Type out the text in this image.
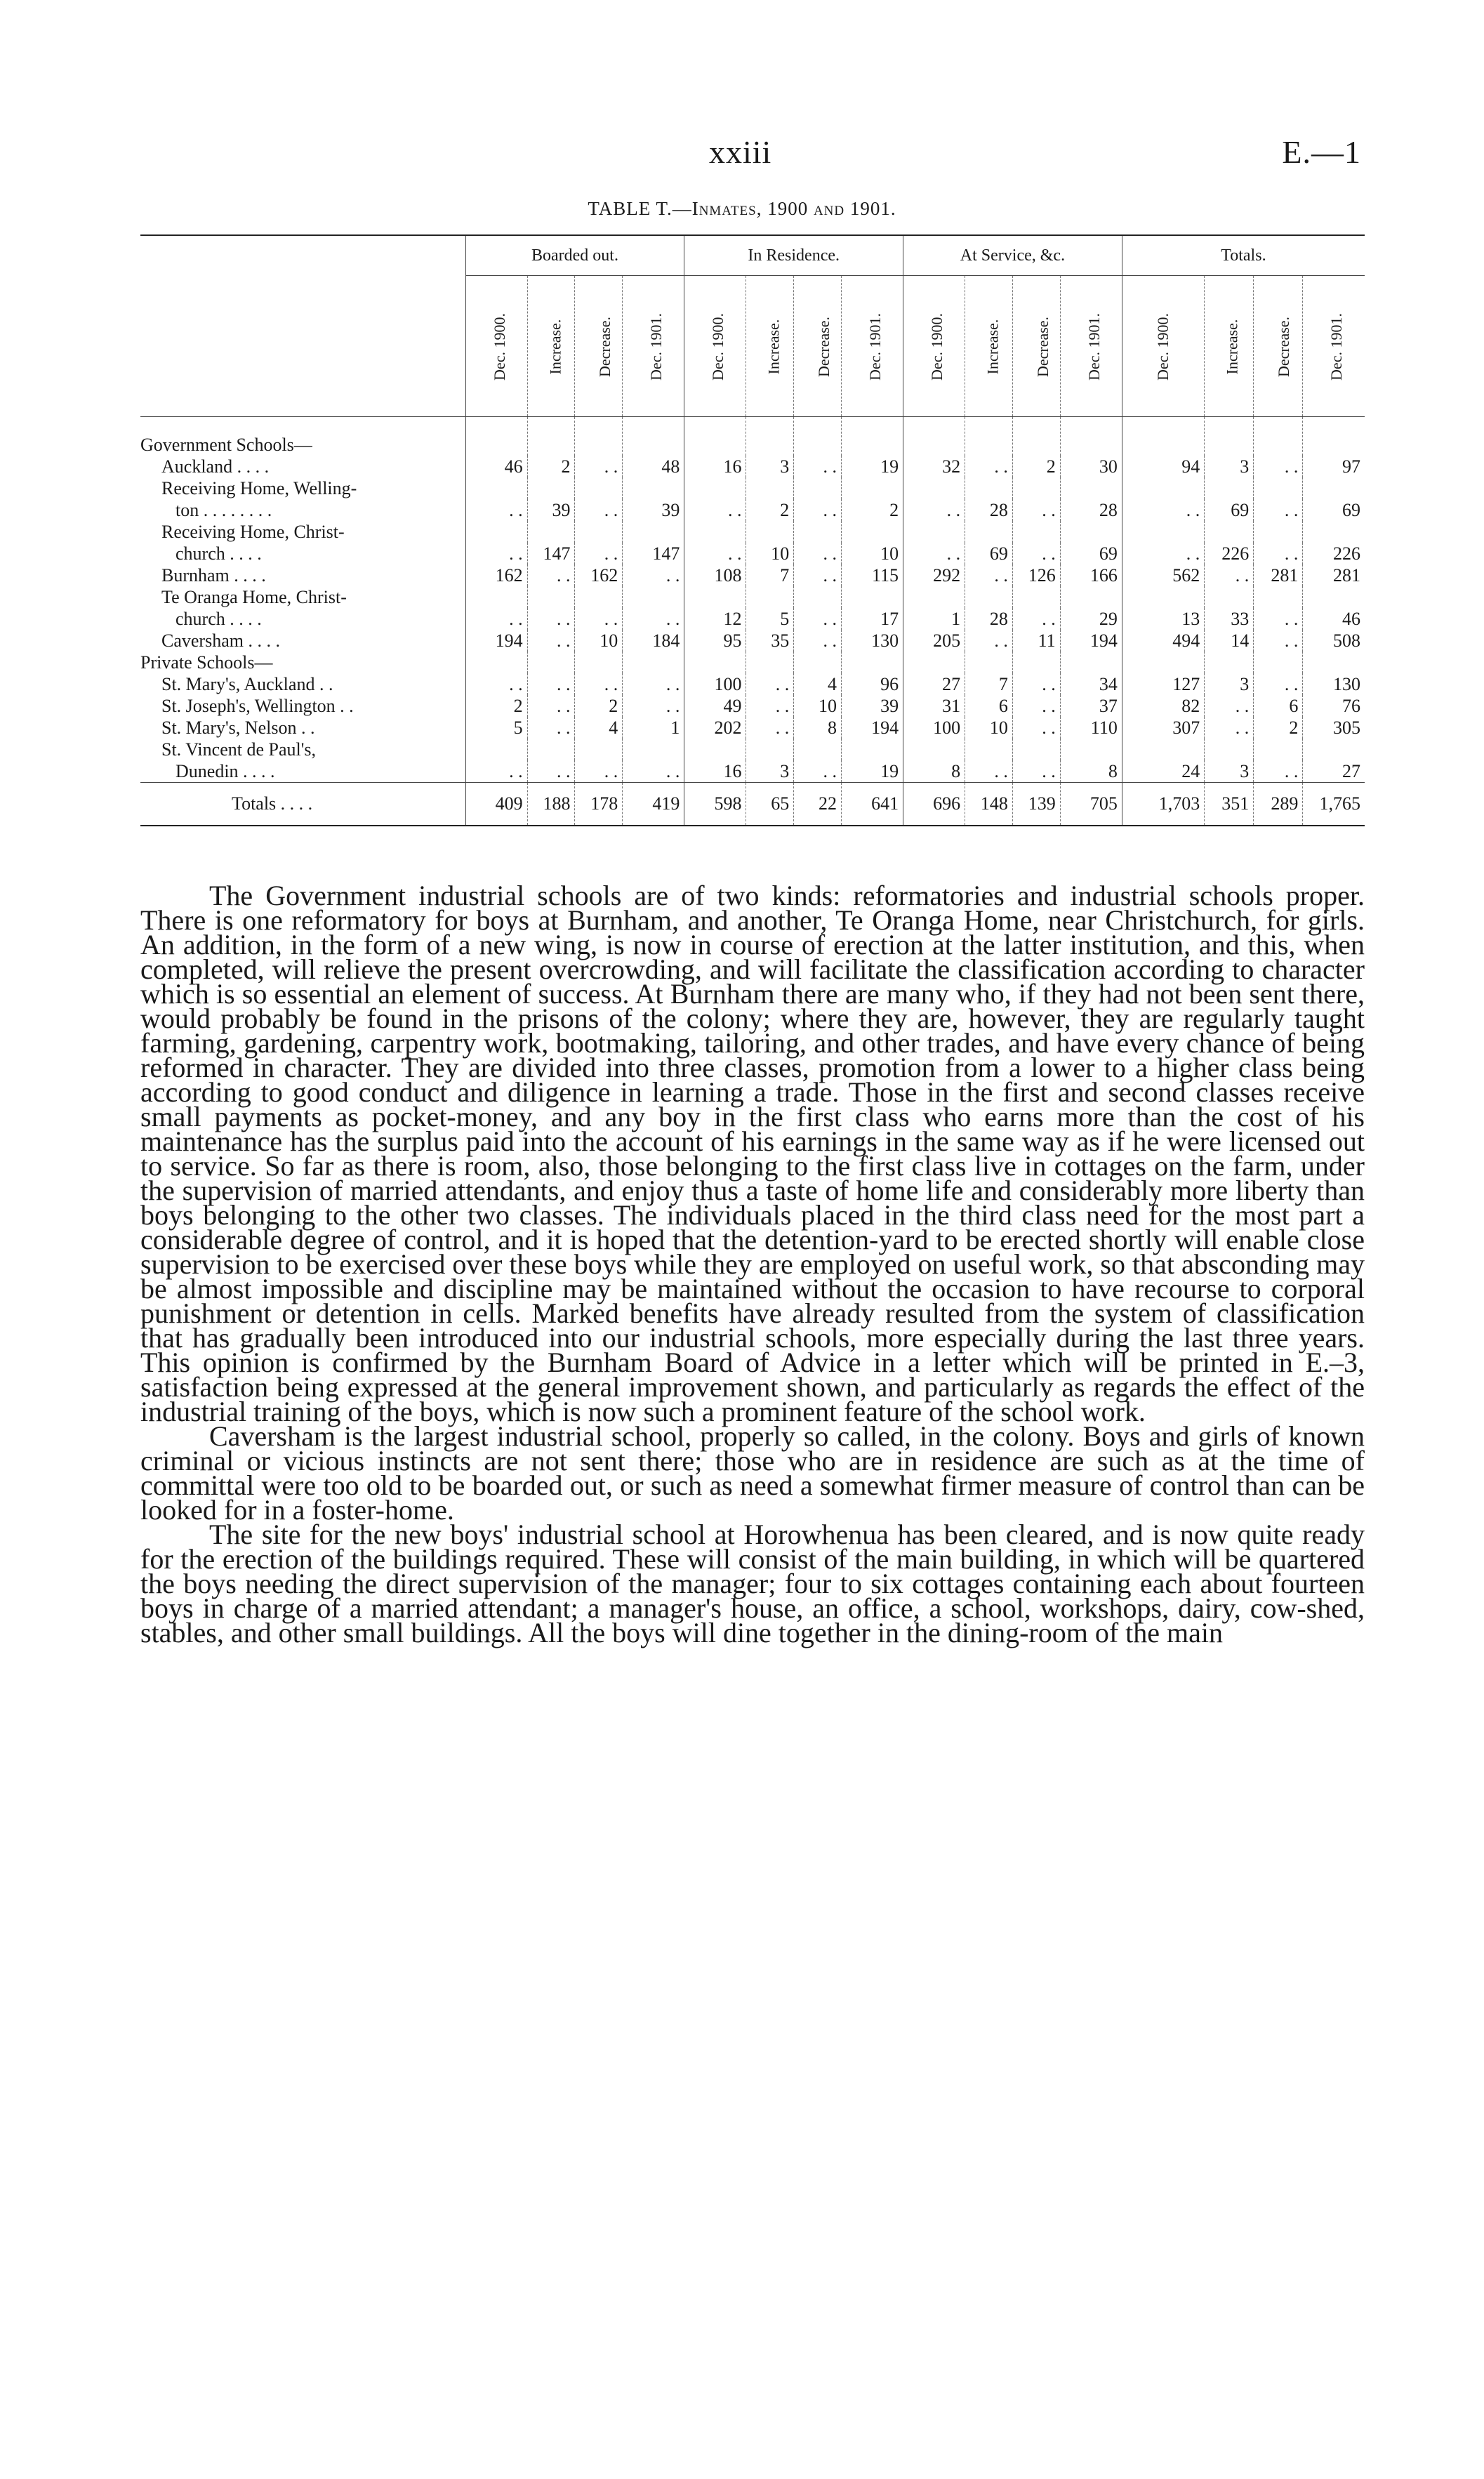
xxiii	E.—1
TABLE T.—Inmates, 1900 and 1901.
	Boarded out.				In Residence.				At Service, &c.				Totals.			
	Dec. 1900.	Increase.	Decrease.	Dec. 1901.	Dec. 1900.	Increase.	Decrease.	Dec. 1901.	Dec. 1900.	Increase.	Decrease.	Dec. 1901.	Dec. 1900.	Increase.	Decrease.	Dec. 1901.
Government Schools—																
Auckland . . . .	46	2	. .	48	16	3	. .	19	32	. .	2	30	94	3	. .	97
Receiving Home, Welling-																
ton . . . . . . . .	. .	39	. .	39	. .	2	. .	2	. .	28	. .	28	. .	69	. .	69
Receiving Home, Christ-																
church . . . .	. .	147	. .	147	. .	10	. .	10	. .	69	. .	69	. .	226	. .	226
Burnham . . . .	162	. .	162	. .	108	7	. .	115	292	. .	126	166	562	. .	281	281
Te Oranga Home, Christ-																
church . . . .	. .	. .	. .	. .	12	5	. .	17	1	28	. .	29	13	33	. .	46
Caversham . . . .	194	. .	10	184	95	35	. .	130	205	. .	11	194	494	14	. .	508
Private Schools—																
St. Mary's, Auckland . .	. .	. .	. .	. .	100	. .	4	96	27	7	. .	34	127	3	. .	130
St. Joseph's, Wellington . .	2	. .	2	. .	49	. .	10	39	31	6	. .	37	82	. .	6	76
St. Mary's, Nelson . .	5	. .	4	1	202	. .	8	194	100	10	. .	110	307	. .	2	305
St. Vincent de Paul's,																
Dunedin . . . .	. .	. .	. .	. .	16	3	. .	19	8	. .	. .	8	24	3	. .	27
Totals . . . .	409	188	178	419	598	65	22	641	696	148	139	705	1,703	351	289	1,765

The Government industrial schools are of two kinds: reformatories and industrial schools proper. There is one reformatory for boys at Burnham, and another, Te Oranga Home, near Christchurch, for girls. An addition, in the form of a new wing, is now in course of erection at the latter institution, and this, when completed, will relieve the present overcrowding, and will facilitate the classification according to character which is so essential an element of success. At Burnham there are many who, if they had not been sent there, would probably be found in the prisons of the colony; where they are, however, they are regularly taught farming, gardening, carpentry work, bootmaking, tailoring, and other trades, and have every chance of being reformed in character. They are divided into three classes, promotion from a lower to a higher class being according to good conduct and diligence in learning a trade. Those in the first and second classes receive small payments as pocket-money, and any boy in the first class who earns more than the cost of his maintenance has the surplus paid into the account of his earnings in the same way as if he were licensed out to service. So far as there is room, also, those belonging to the first class live in cottages on the farm, under the supervision of married attendants, and enjoy thus a taste of home life and considerably more liberty than boys belonging to the other two classes. The individuals placed in the third class need for the most part a considerable degree of control, and it is hoped that the detention-yard to be erected shortly will enable close supervision to be exercised over these boys while they are employed on useful work, so that absconding may be almost impossible and discipline may be maintained without the occasion to have recourse to corporal punishment or detention in cells. Marked benefits have already resulted from the system of classification that has gradually been introduced into our industrial schools, more especially during the last three years. This opinion is confirmed by the Burnham Board of Advice in a letter which will be printed in E.–3, satisfaction being expressed at the general improvement shown, and particularly as regards the effect of the industrial training of the boys, which is now such a prominent feature of the school work.

Caversham is the largest industrial school, properly so called, in the colony. Boys and girls of known criminal or vicious instincts are not sent there; those who are in residence are such as at the time of committal were too old to be boarded out, or such as need a somewhat firmer measure of control than can be looked for in a foster-home.

The site for the new boys' industrial school at Horowhenua has been cleared, and is now quite ready for the erection of the buildings required. These will consist of the main building, in which will be quartered the boys needing the direct supervision of the manager; four to six cottages containing each about fourteen boys in charge of a married attendant; a manager's house, an office, a school, workshops, dairy, cow-shed, stables, and other small buildings. All the boys will dine together in the dining-room of the main
